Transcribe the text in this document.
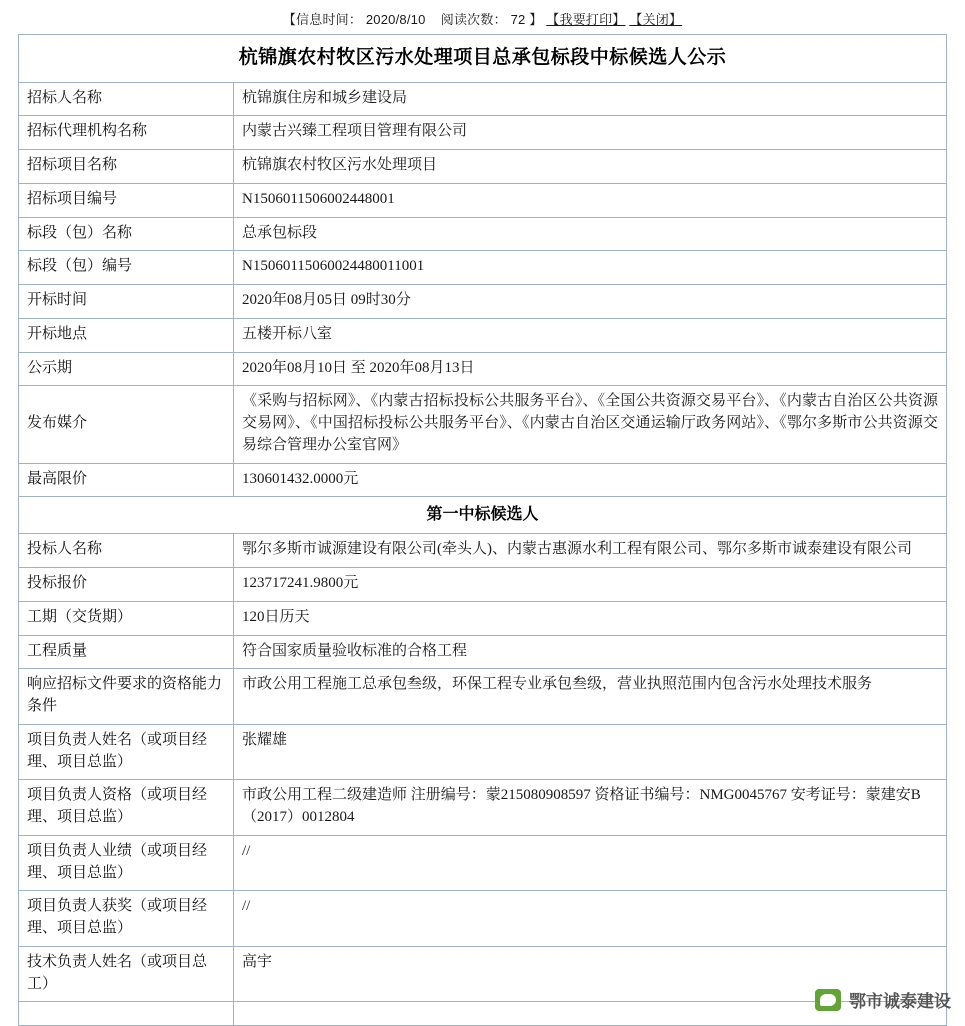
【信息时间： 2020/8/10 阅读次数： 72 】 【我要打印】 【关闭】
杭锦旗农村牧区污水处理项目总承包标段中标候选人公示	
招标人名称	杭锦旗住房和城乡建设局
招标代理机构名称	内蒙古兴臻工程项目管理有限公司
招标项目名称	杭锦旗农村牧区污水处理项目
招标项目编号	N1506011506002448001
标段（包）名称	总承包标段
标段（包）编号	N15060115060024480011001
开标时间	2020年08月05日 09时30分
开标地点	五楼开标八室
公示期	2020年08月10日 至 2020年08月13日
发布媒介	《采购与招标网》、《内蒙古招标投标公共服务平台》、《全国公共资源交易平台》、《内蒙古自治区公共资源交易网》、《中国招标投标公共服务平台》、《内蒙古自治区交通运输厅政务网站》、《鄂尔多斯市公共资源交易综合管理办公室官网》
最高限价	130601432.0000元
第一中标候选人	
投标人名称	鄂尔多斯市诚源建设有限公司(牵头人)、内蒙古惠源水利工程有限公司、鄂尔多斯市诚泰建设有限公司
投标报价	123717241.9800元
工期（交货期）	120日历天
工程质量	符合国家质量验收标准的合格工程
响应招标文件要求的资格能力条件	市政公用工程施工总承包叁级，环保工程专业承包叁级，营业执照范围内包含污水处理技术服务
项目负责人姓名（或项目经理、项目总监）	张耀雄
项目负责人资格（或项目经理、项目总监）	市政公用工程二级建造师 注册编号：蒙215080908597 资格证书编号：NMG0045767 安考证号：蒙建安B（2017）0012804
项目负责人业绩（或项目经理、项目总监）	//
项目负责人获奖（或项目经理、项目总监）	//
技术负责人姓名（或项目总工）	高宇

鄂市诚泰建设
